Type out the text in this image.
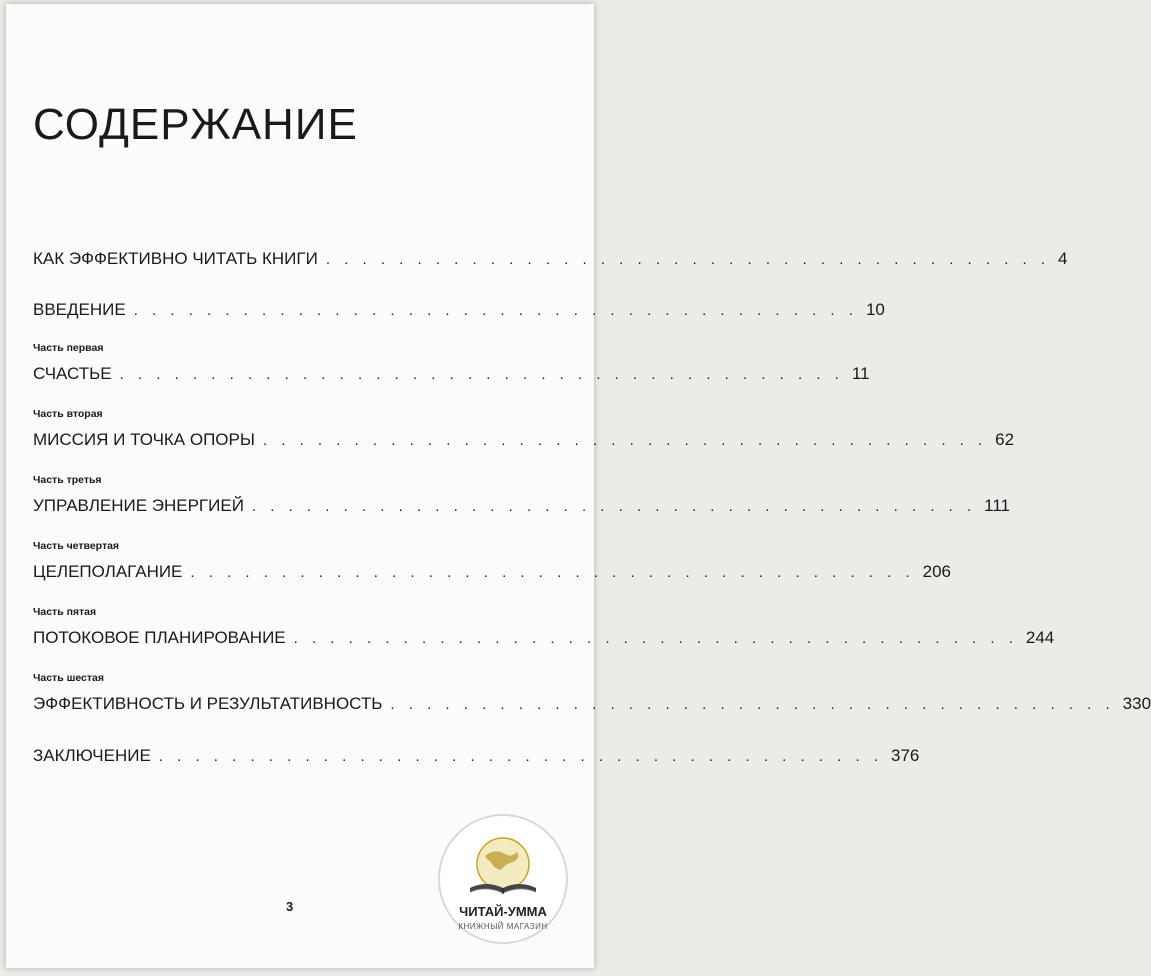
СОДЕРЖАНИЕ
КАК ЭФФЕКТИВНО ЧИТАТЬ КНИГИ . . . . . . . . . . . . . . . . . . . . . . . . . . . . . . . . . . . . . . . . 4
ВВЕДЕНИЕ . . . . . . . . . . . . . . . . . . . . . . . . . . . . . . . . . . . . . . . . 10
Часть первая
СЧАСТЬЕ . . . . . . . . . . . . . . . . . . . . . . . . . . . . . . . . . . . . . . . . 11
Часть вторая
МИССИЯ И ТОЧКА ОПОРЫ . . . . . . . . . . . . . . . . . . . . . . . . . . . . . . . . . . . . . . . . 62
Часть третья
УПРАВЛЕНИЕ ЭНЕРГИЕЙ . . . . . . . . . . . . . . . . . . . . . . . . . . . . . . . . . . . . . . . . 111
Часть четвертая
ЦЕЛЕПОЛАГАНИЕ . . . . . . . . . . . . . . . . . . . . . . . . . . . . . . . . . . . . . . . . 206
Часть пятая
ПОТОКОВОЕ ПЛАНИРОВАНИЕ . . . . . . . . . . . . . . . . . . . . . . . . . . . . . . . . . . . . . . . . 244
Часть шестая
ЭФФЕКТИВНОСТЬ И РЕЗУЛЬТАТИВНОСТЬ . . . . . . . . . . . . . . . . . . . . . . . . . . . . . . . . . . . . . . . . 330
ЗАКЛЮЧЕНИЕ . . . . . . . . . . . . . . . . . . . . . . . . . . . . . . . . . . . . . . . . 376
3	ЧИТАЙ-УММА
КНИЖНЫЙ МАГАЗИН
